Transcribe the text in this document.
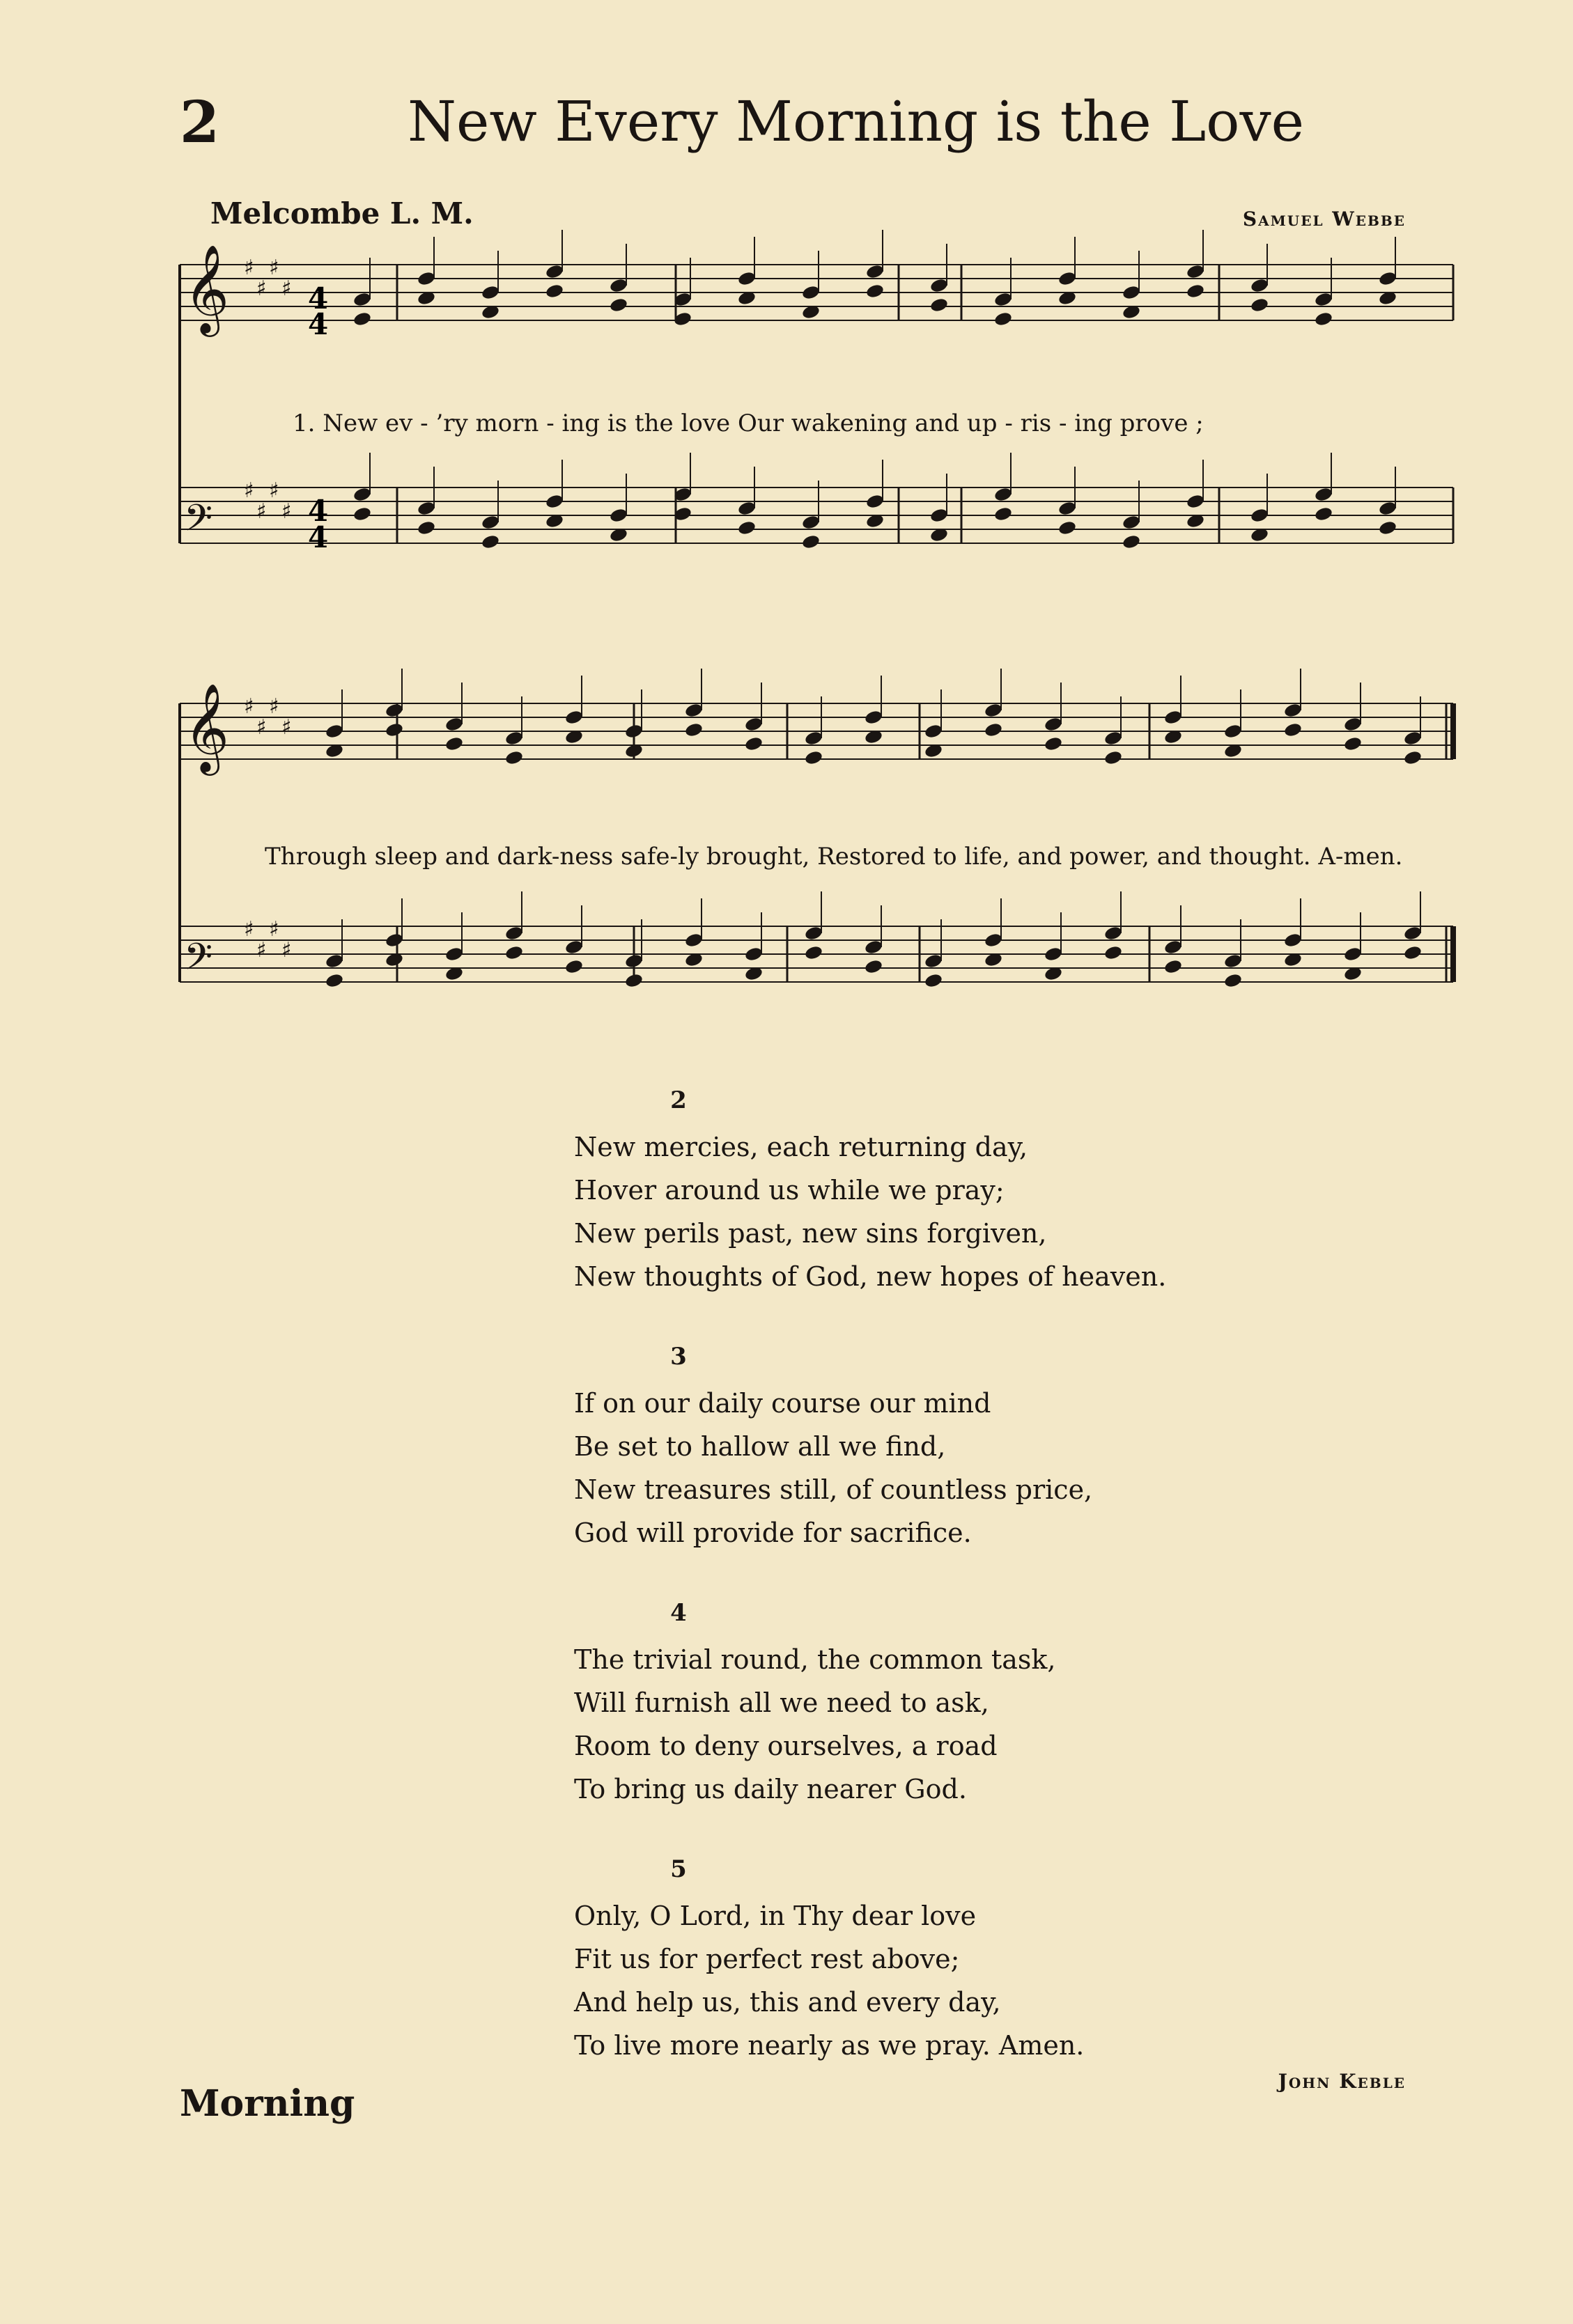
2	New Every Morning is the Love
Melcombe L. M.	Samuel Webbe
𝄞 ♯
♯
♯
♯
𝄢
♯
♯
♯
♯
𝄞 ♯
♯
♯
♯
𝄢
♯
♯
♯
♯
4
4
4
4
1. New ev - ’ry morn - ing is the love Our wakening and up - ris - ing prove ;
Through sleep and dark-ness safe-ly brought, Restored to life, and power, and thought. A-men.
2
New mercies, each returning day,
Hover around us while we pray;
New perils past, new sins forgiven,
New thoughts of God, new hopes of heaven.
3
If on our daily course our mind
Be set to hallow all we find,
New treasures still, of countless price,
God will provide for sacrifice.
4
The trivial round, the common task,
Will furnish all we need to ask,
Room to deny ourselves, a road
To bring us daily nearer God.
5
Only, O Lord, in Thy dear love
Fit us for perfect rest above;
And help us, this and every day,
To live more nearly as we pray. Amen.
John Keble
Morning
